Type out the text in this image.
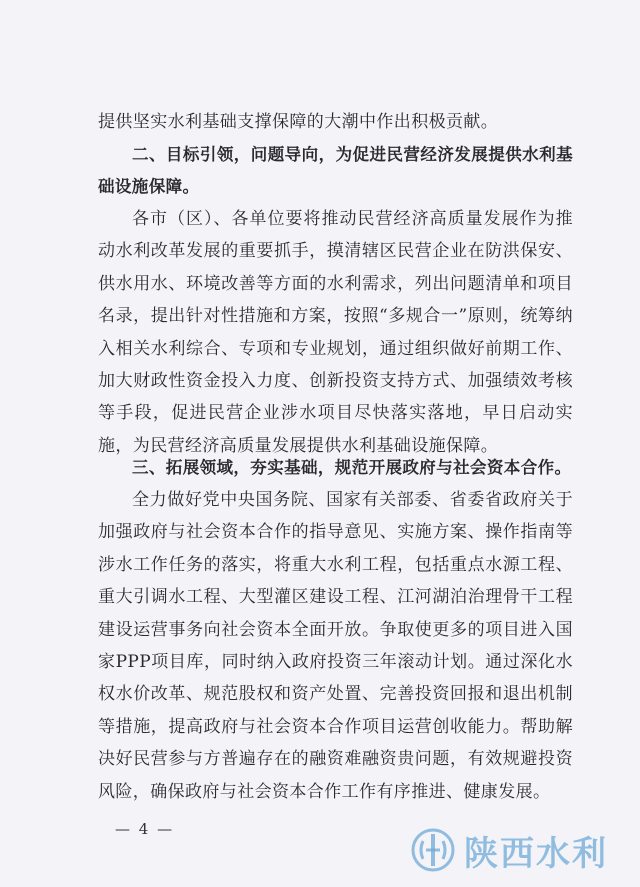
提供坚实水利基础支撑保障的大潮中作出积极贡献。

二、目标引领，问题导向，为促进民营经济发展提供水利基础设施保障。

各市（区）、各单位要将推动民营经济高质量发展作为推动水利改革发展的重要抓手，摸清辖区民营企业在防洪保安、供水用水、环境改善等方面的水利需求，列出问题清单和项目名录，提出针对性措施和方案，按照“多规合一”原则，统筹纳入相关水利综合、专项和专业规划，通过组织做好前期工作、加大财政性资金投入力度、创新投资支持方式、加强绩效考核等手段，促进民营企业涉水项目尽快落实落地，早日启动实施，为民营经济高质量发展提供水利基础设施保障。

三、拓展领域，夯实基础，规范开展政府与社会资本合作。

全力做好党中央国务院、国家有关部委、省委省政府关于加强政府与社会资本合作的指导意见、实施方案、操作指南等涉水工作任务的落实，将重大水利工程，包括重点水源工程、重大引调水工程、大型灌区建设工程、江河湖泊治理骨干工程建设运营事务向社会资本全面开放。争取使更多的项目进入国家PPP项目库，同时纳入政府投资三年滚动计划。通过深化水权水价改革、规范股权和资产处置、完善投资回报和退出机制等措施，提高政府与社会资本合作项目运营创收能力。帮助解决好民营参与方普遍存在的融资难融资贵问题，有效规避投资风险，确保政府与社会资本合作工作有序推进、健康发展。

— 4 —
陕西水利
